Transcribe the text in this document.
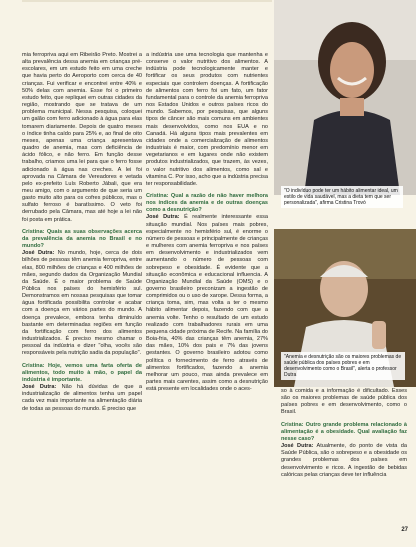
mia ferropriva aqui em Ribeirão Preto. Mostrei a alta prevalência dessa anemia em crianças pré-escolares, em um estudo feito em uma creche que havia perto do Aeroporto com cerca de 40 crianças. Fui verificar e encontrei entre 40% e 50% delas com anemia. Esse foi o primeiro estudo feito, que repliquei em outras cidades da região, mostrando que se tratava de um problema municipal. Nessa pesquisa, coloquei um galão com ferro adicionado à água para elas tomarem diariamente. Depois de quatro meses o índice tinha caído para 25% e, ao final de oito meses, apenas uma criança apresentava quadro de anemia, mas com deficiência de ácido fólico, e não ferro. Em função desse trabalho, criamos uma lei para que o ferro fosse adicionado à água nas creches. A lei foi aprovada na Câmara de Vereadores e vetada pelo ex-prefeito Luís Roberto Jábali, que era meu amigo, com o argumento de que seria um gasto muito alto para os cofres públicos, mas o sulfato ferroso é baratíssimo. O veto foi derrubado pela Câmara, mas até hoje a lei não foi posta em prática.

Cristina: Quais as suas observações acerca da prevalência da anemia no Brasil e no mundo?

José Dutra: No mundo, hoje, cerca de dois bilhões de pessoas têm anemia ferropriva, entre elas, 800 milhões de crianças e 400 milhões de mães, segundo dados da Organização Mundial da Saúde. É o maior problema de Saúde Pública nos países do hemisfério sul. Demonstramos em nossas pesquisas que tomar água fortificada possibilita controlar e acabar com a doença em vários partes do mundo. A doença prevalece, embora tenha diminuído bastante em determinadas regiões em função da fortificação com ferro dos alimentos industrializados. É preciso mesmo chamar o pessoal da indústria e dizer "olha, vocês são responsáveis pela nutrição sadia da população".

Cristina: Hoje, vemos uma farta oferta de alimentos, todo muito à mão, o papel da indústria é importante.

José Dutra: Não há dúvidas de que a industrialização de alimentos tenha um papel cada vez mais importante na alimentação diária de todas as pessoas do mundo. É preciso que

a indústria use uma tecnologia que mantenha e conserve o valor nutritivo dos alimentos. A indústria pode tecnologicamente manter e fortificar os seus produtos com nutrientes especiais que controlem doenças. A fortificação de alimentos com ferro foi um fato, um fator fundamental para o controle da anemia ferropriva nos Estados Unidos e outros países ricos do mundo. Sabemos, por pesquisas, que alguns tipos de câncer são mais comuns em ambientes mais desenvolvidos, como nos EUA e no Canadá. Há alguns tipos mais prevalentes em cidades onde a comercialização de alimentos industriais é maior, com predomínio menor em vegetarianos e em lugares onde não existem produtos industrializados, que trazem, às vezes, o valor nutritivo dos alimentos, como sal e vitamina C. Por isso, acho que a indústria precisa ter responsabilidade.

Cristina: Qual a razão de não haver melhora nos índices da anemia e de outras doenças como a desnutrição?

José Dutra: É realmente interessante essa situação mundial. Nos países mais pobres, especialmente no hemisfério sul, é enorme o número de pessoas e principalmente de crianças e mulheres com anemia ferropriva e nos países em desenvolvimento e industrializados vem aumentando o número de pessoas com sobrepeso e obesidade. É evidente que a situação econômica e educacional influencia. A Organização Mundial da Saúde (OMS) e o governo brasileiro preconizam a ingestão de comprimidos ou o uso de xarope. Dessa forma, a criança toma, sim, mas volta a ter o mesmo hábito alimentar depois, fazendo com que a anemia volte. Tenho o resultado de um estudo realizado com trabalhadores rurais em uma pequena cidade próxima de Recife. Na família do Boia-fria, 40% das crianças têm anemia, 27% das mães, 10% dos pais e 7% das jovens gestantes. O governo brasileiro adotou como política o fornecimento de ferro através de alimentos fortificados, fazendo a anemia melhorar um pouco, mas ainda prevalece em partes mais carentes, assim como a desnutrição está presente em localidades onde o aces-

"O indivíduo pode ter um hábito alimentar ideal, um estilo de vida saudável, mas a dieta tem que ser personalizada", afirma Cristina Trovó
"Anemia e desnutrição são os maiores problemas de saúde pública dos países pobres e em desenvolvimento como o Brasil", alerta o professor Dutra

so à comida e a informação é dificultado. Esses são os maiores problemas de saúde pública dos países pobres e em desenvolvimento, como o Brasil.

Cristina: Outro grande problema relacionado à alimentação é a obesidade. Qual avaliação faz nesse caso?

José Dutra: Atualmente, do ponto de vista da Saúde Pública, são o sobrepeso e a obesidade os grandes problemas dos países em desenvolvimento e ricos. A ingestão de bebidas calóricas pelas crianças deve ter influência

27
